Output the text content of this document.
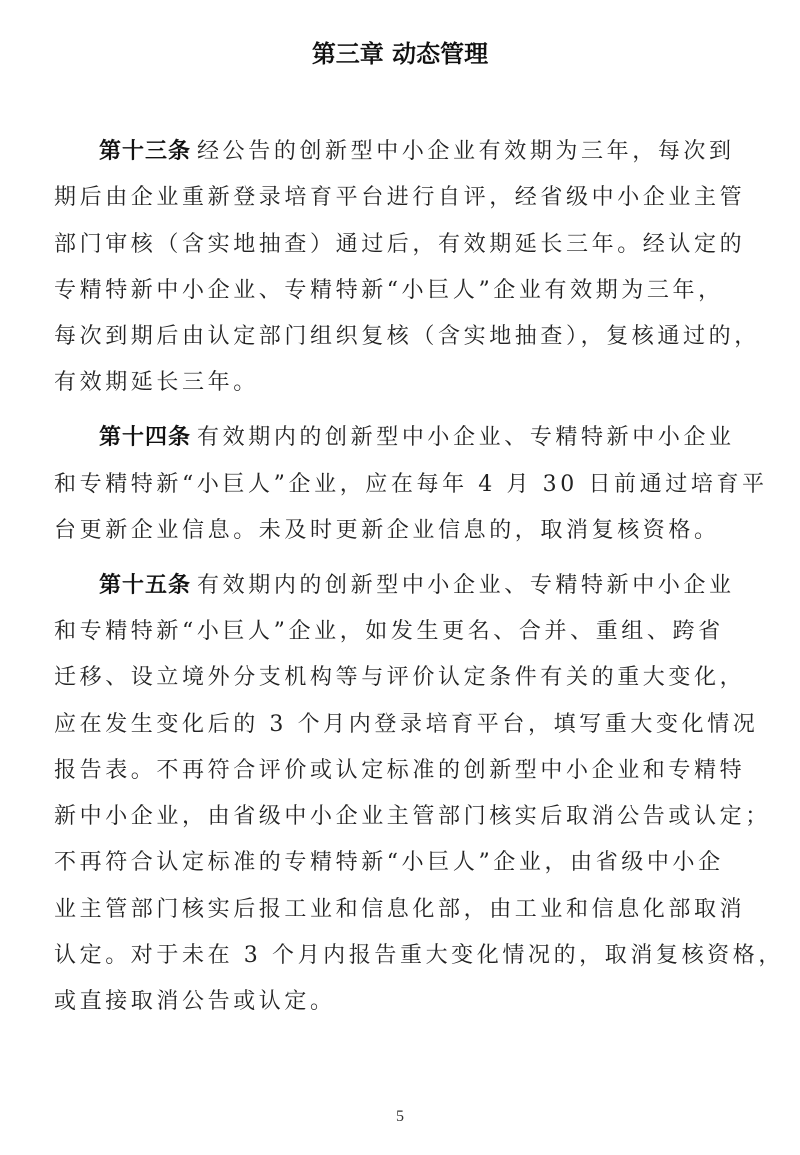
第三章 动态管理
第十三条 经公告的创新型中小企业有效期为三年，每次到
期后由企业重新登录培育平台进行自评，经省级中小企业主管
部门审核（含实地抽查）通过后，有效期延长三年。经认定的
专精特新中小企业、专精特新“小巨人”企业有效期为三年，
每次到期后由认定部门组织复核（含实地抽查），复核通过的，
有效期延长三年。
第十四条 有效期内的创新型中小企业、专精特新中小企业
和专精特新“小巨人”企业，应在每年 4 月 30 日前通过培育平
台更新企业信息。未及时更新企业信息的，取消复核资格。
第十五条 有效期内的创新型中小企业、专精特新中小企业
和专精特新“小巨人”企业，如发生更名、合并、重组、跨省
迁移、设立境外分支机构等与评价认定条件有关的重大变化，
应在发生变化后的 3 个月内登录培育平台，填写重大变化情况
报告表。不再符合评价或认定标准的创新型中小企业和专精特
新中小企业，由省级中小企业主管部门核实后取消公告或认定；
不再符合认定标准的专精特新“小巨人”企业，由省级中小企
业主管部门核实后报工业和信息化部，由工业和信息化部取消
认定。对于未在 3 个月内报告重大变化情况的，取消复核资格，
或直接取消公告或认定。
5
